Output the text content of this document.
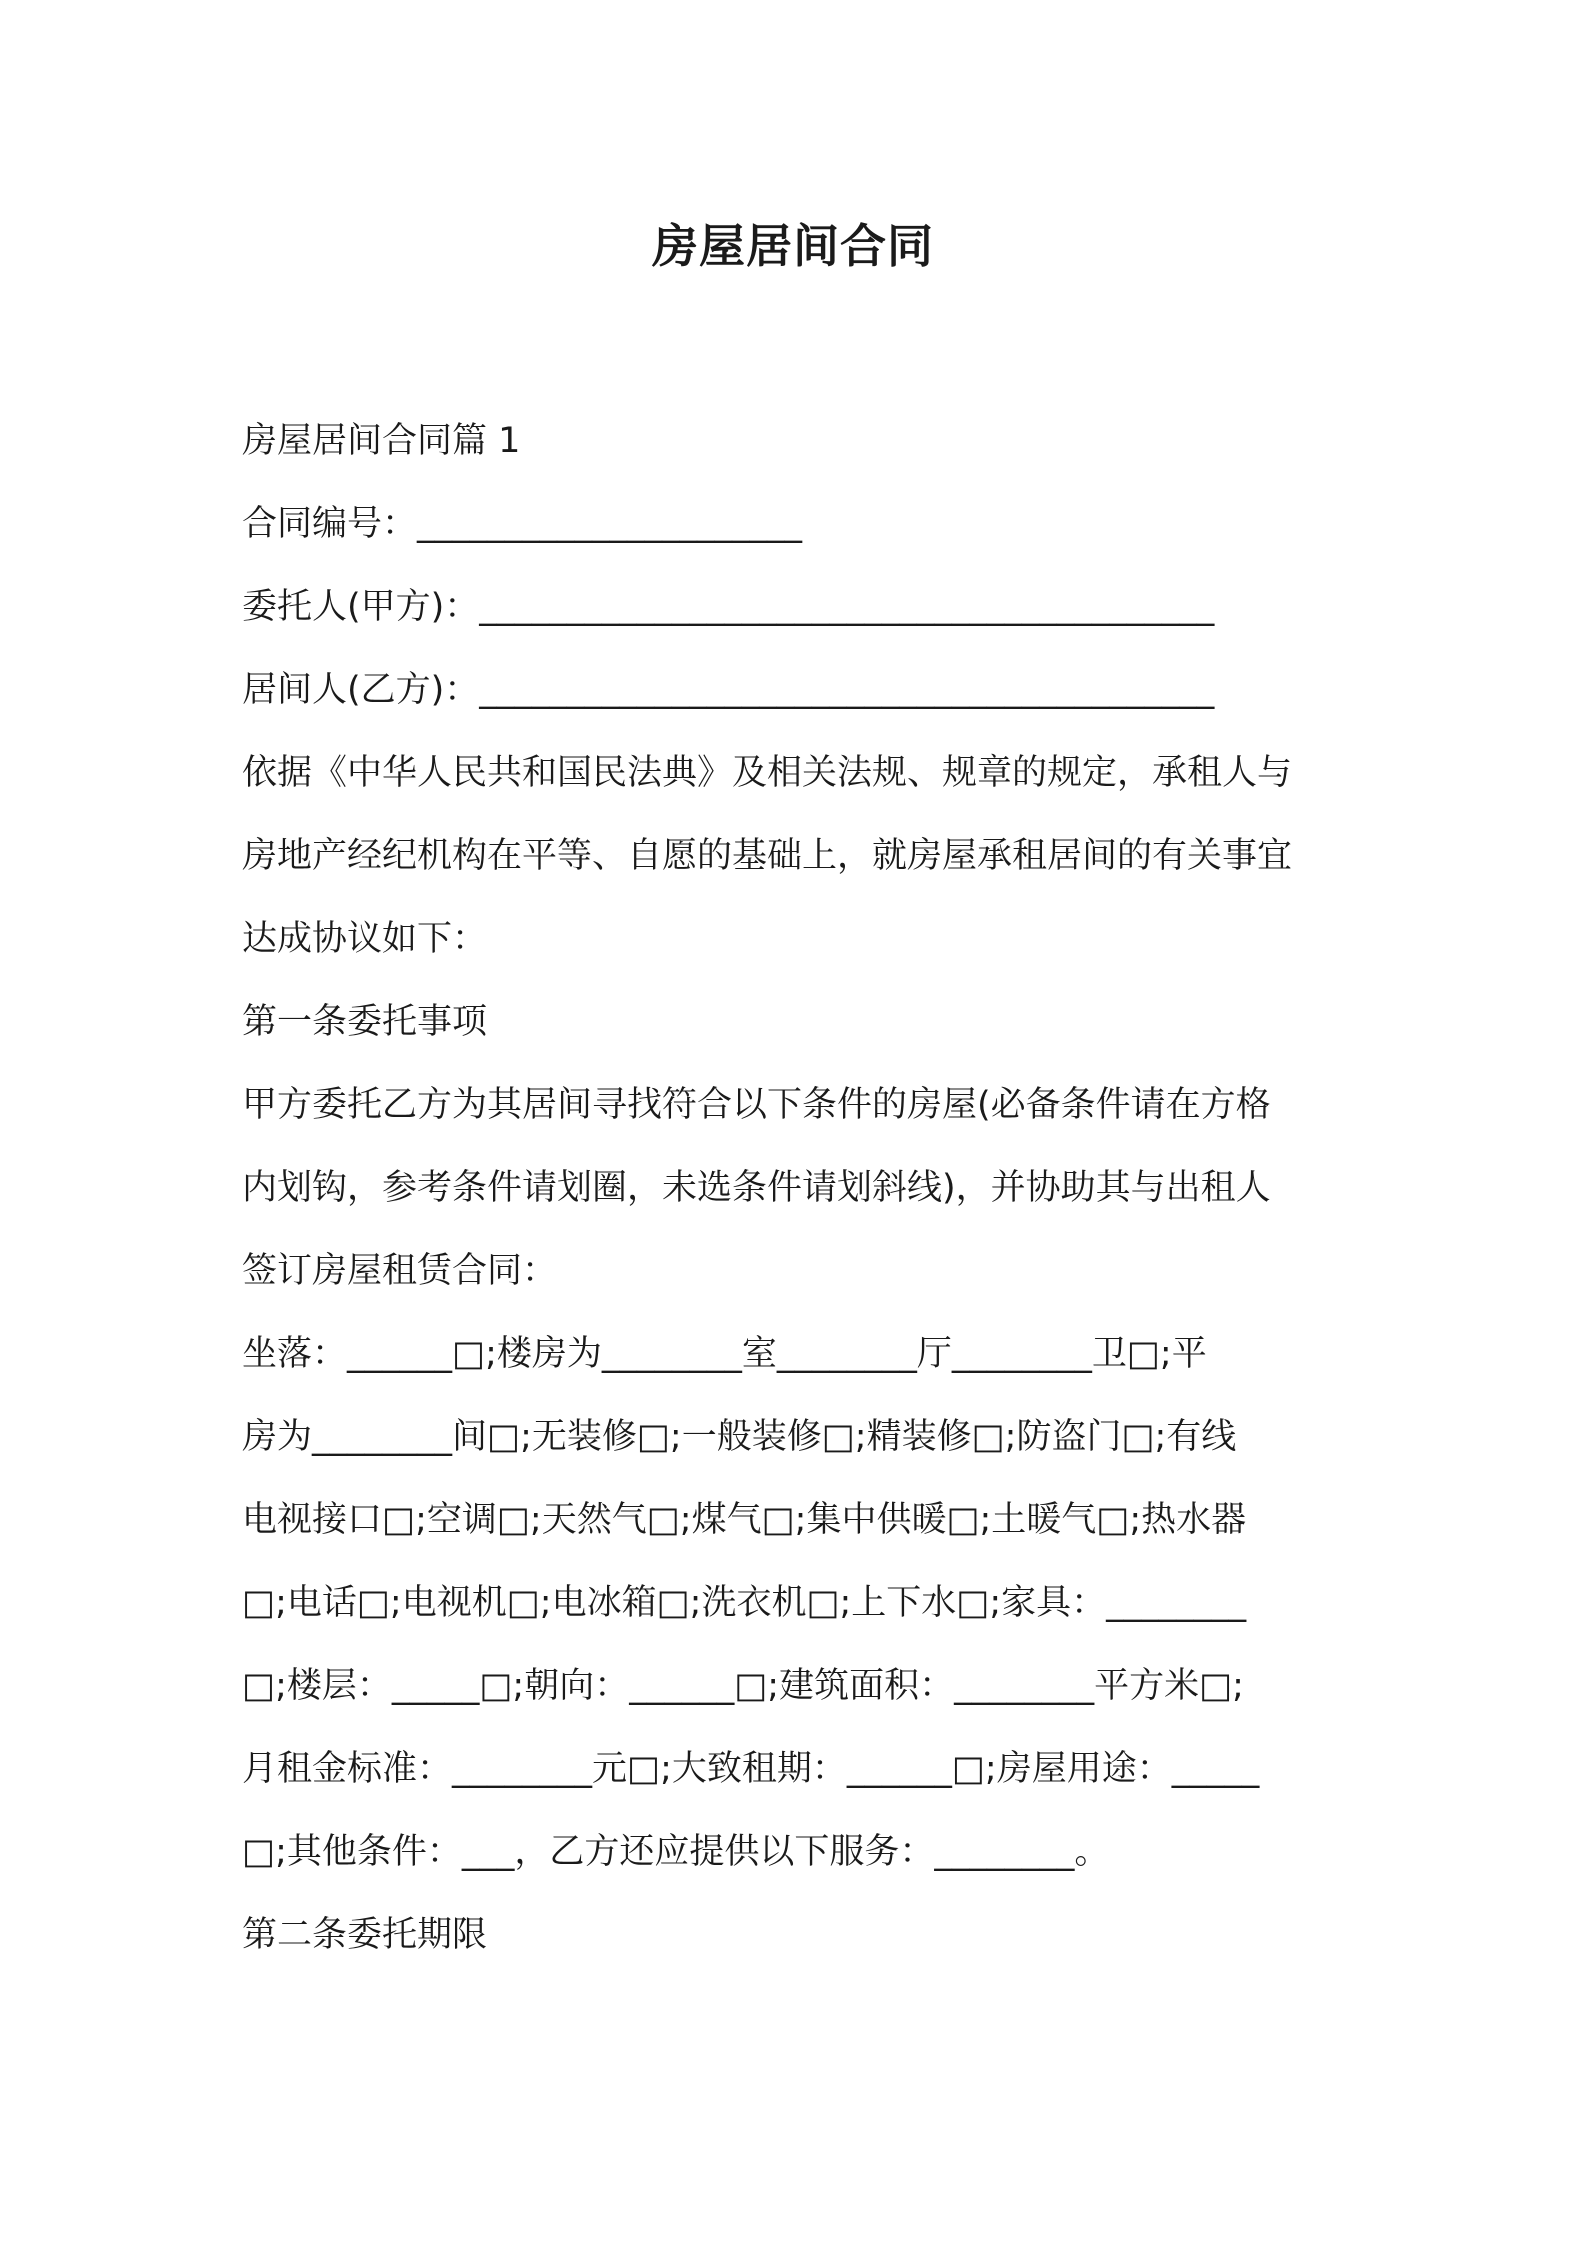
房屋居间合同
房屋居间合同篇 1
合同编号：______________________
委托人(甲方)：__________________________________________
居间人(乙方)：__________________________________________
依据《中华人民共和国民法典》及相关法规、规章的规定，承租人与
房地产经纪机构在平等、自愿的基础上，就房屋承租居间的有关事宜
达成协议如下：
第一条委托事项
甲方委托乙方为其居间寻找符合以下条件的房屋(必备条件请在方格
内划钩，参考条件请划圈，未选条件请划斜线)，并协助其与出租人
签订房屋租赁合同：
坐落：______□;楼房为________室________厅________卫□;平
房为________间□;无装修□;一般装修□;精装修□;防盗门□;有线
电视接口□;空调□;天然气□;煤气□;集中供暖□;土暖气□;热水器
□;电话□;电视机□;电冰箱□;洗衣机□;上下水□;家具：________
□;楼层：_____□;朝向：______□;建筑面积：________平方米□;
月租金标准：________元□;大致租期：______□;房屋用途：_____
□;其他条件：___，乙方还应提供以下服务：________。
第二条委托期限
